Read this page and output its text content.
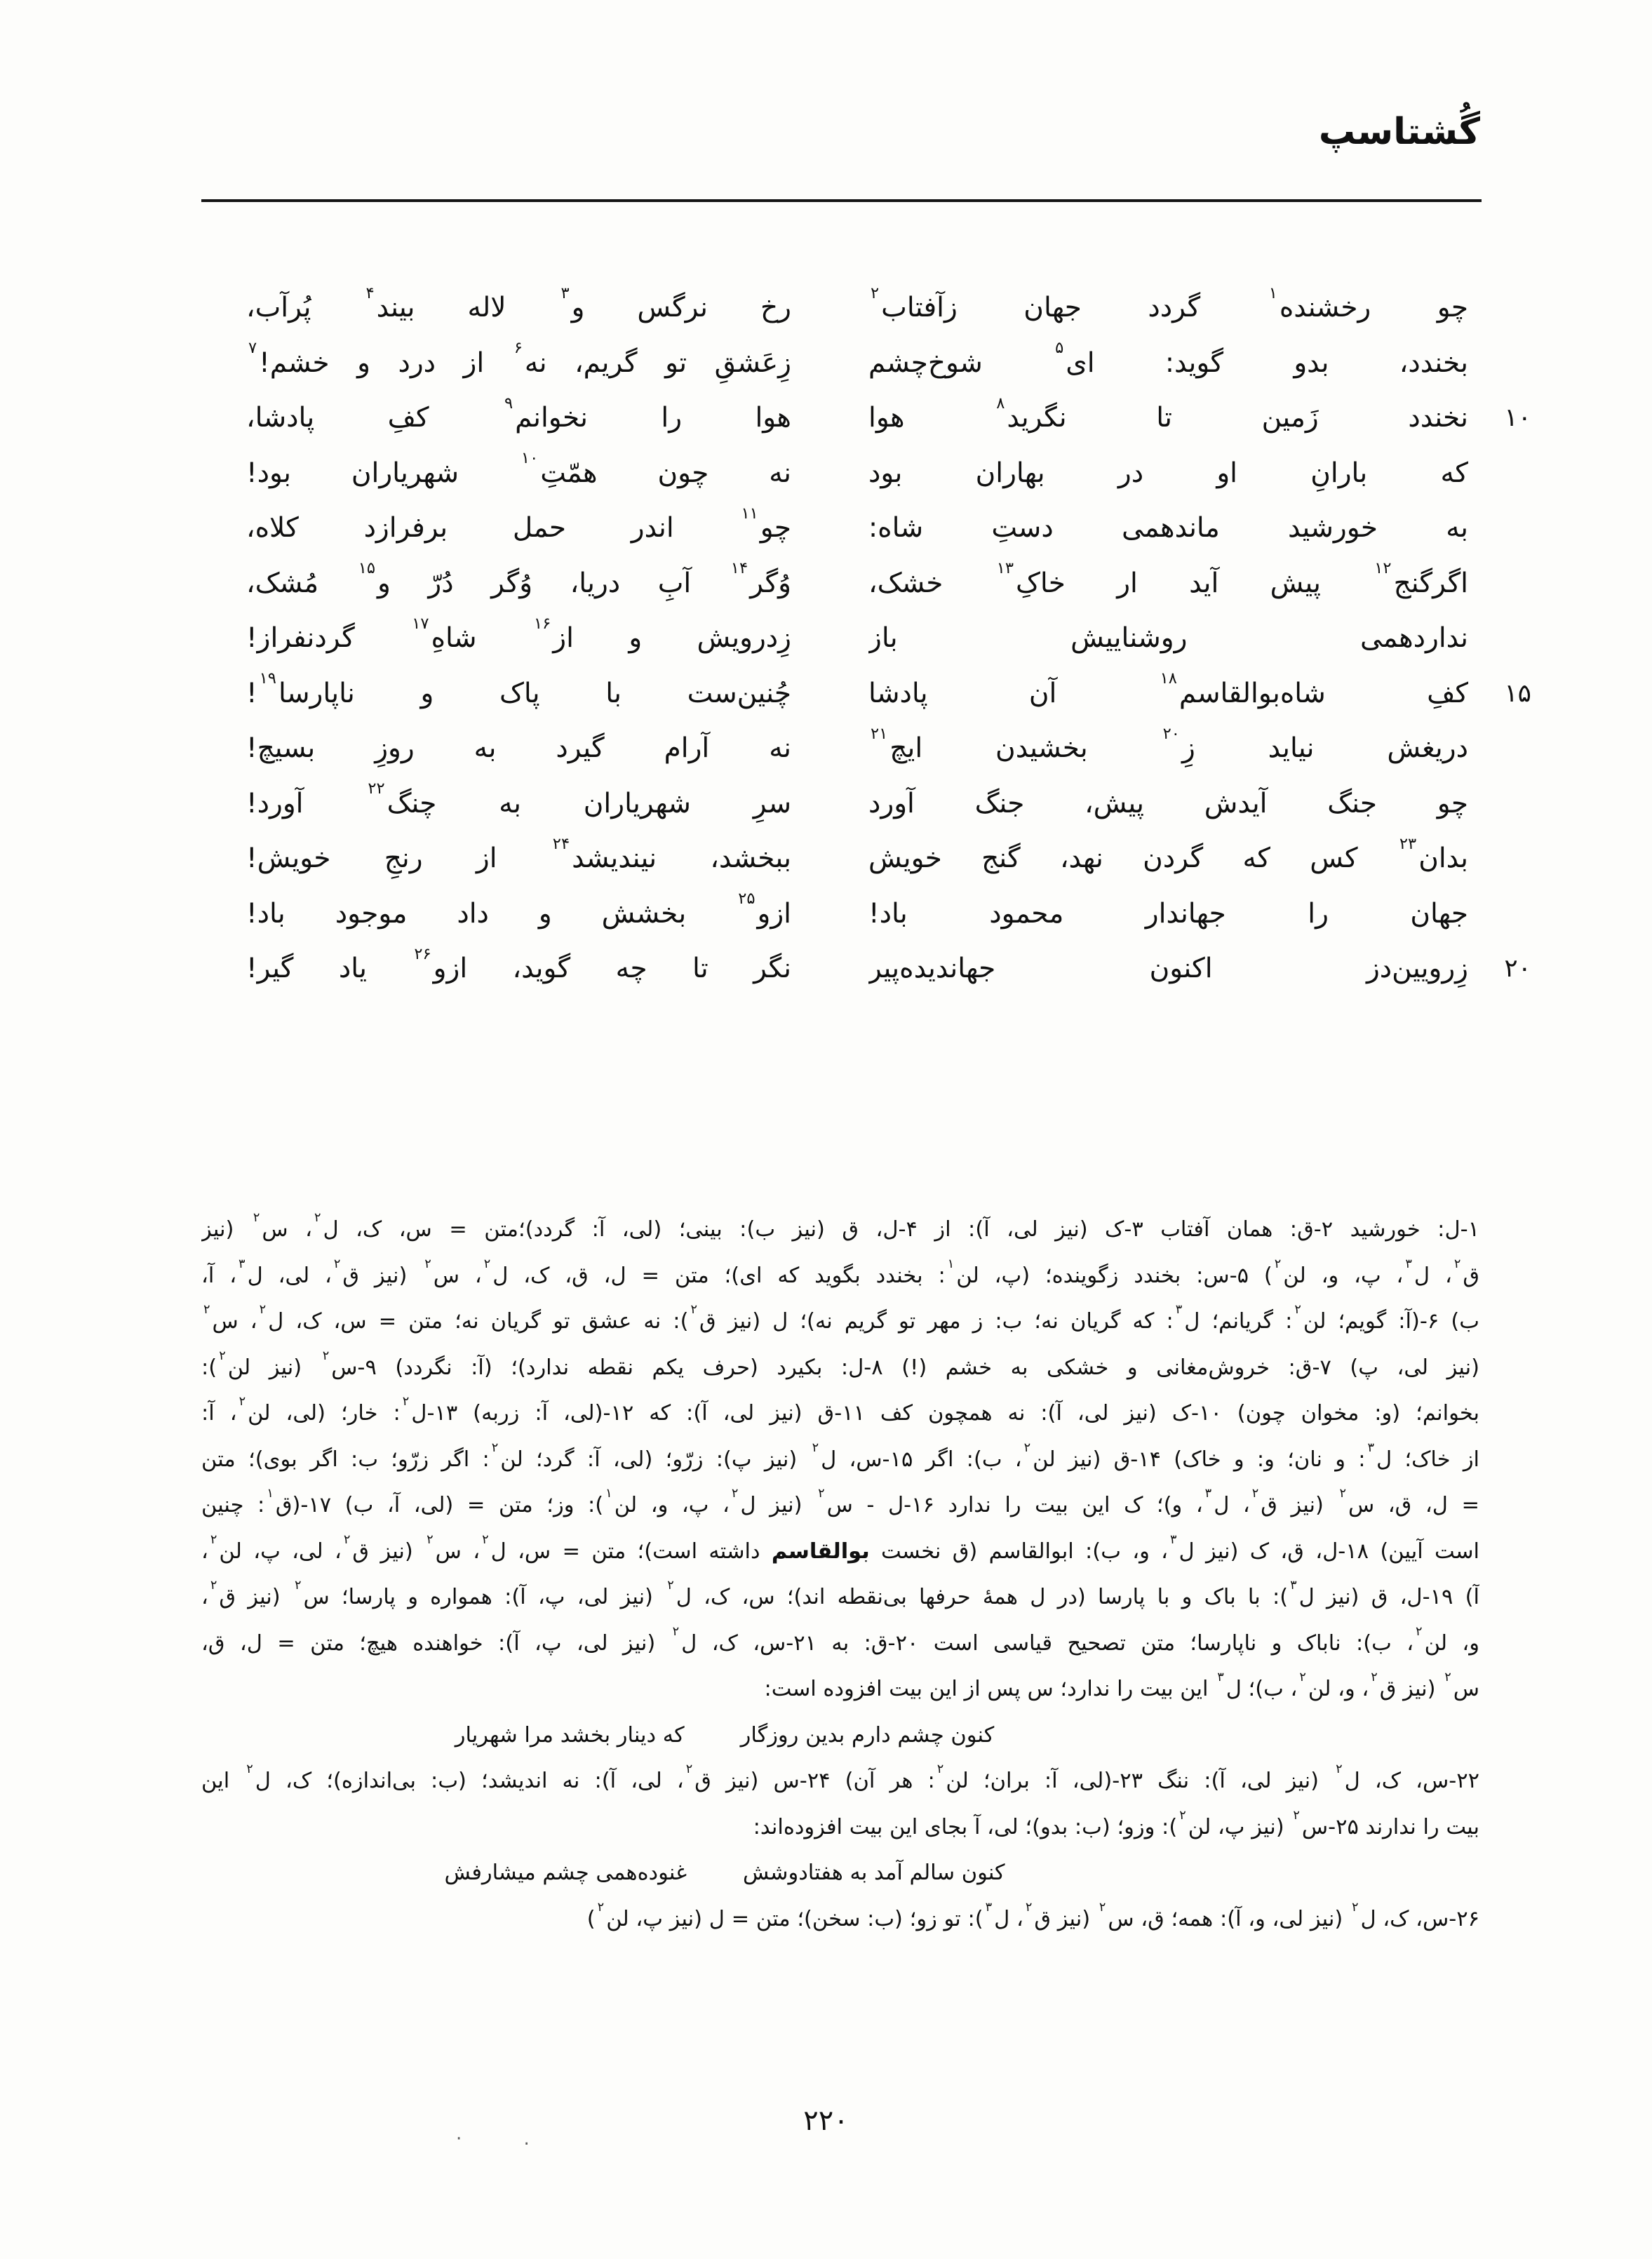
گُشتاسپ
چو رخشنده$^۱$ گردد جهان زآفتاب$^۲$
رخ نرگس و$^۳$ لاله بیند$^۴$ پُرآب،
بخندد، بدو گوید: ای$^۵$ شوخ‌چشم
زِعَشقِ تو گریم، نه$^۶$ از درد و خشم!$^۷$
۱۰
نخندد زَمین تا نگرید$^۸$ هوا
هوا را نخوانم$^۹$ کفِ پادشا،
که بارانِ او در بهاران بود
نه چون همّتِ$^{۱۰}$ شهریاران بود!
به خورشید ماندهمی دستِ شاه:
چو$^{۱۱}$ اندر حمل برفرازد کلاه،
اگرگنج$^{۱۲}$ پیش آید ار خاکِ$^{۱۳}$ خشک،
وُگر$^{۱۴}$ آبِ دریا، وُگر دُرّ و$^{۱۵}$ مُشک،
نداردهمی روشناییش باز
زِدرویش و از$^{۱۶}$ شاهِ$^{۱۷}$ گردنفراز!
۱۵
کفِ شاه‌بوالقاسم$^{۱۸}$ آن پادشا
چُنین‌ست با پاک و ناپارسا$^{۱۹}$!
دریغش نیاید زِ$^{۲۰}$ بخشیدن ایچ$^{۲۱}$
نه آرام گیرد به روزِ بسیچ!
چو جنگ آیدش پیش، جنگ آورد
سرِ شهریاران به چنگ$^{۲۲}$ آورد!
بدان$^{۲۳}$ کس که گردن نهد، گنج خویش
ببخشد، نیندیشد$^{۲۴}$ از رنجِ خویش!
جهان را جهاندار محمود باد!
ازو$^{۲۵}$ بخشش و داد موجود باد!
۲۰
زِرویین‌دز اکنون جهاندیده‌پیر
نگر تا چه گوید، ازو$^{۲۶}$ یاد گیر!
۱-ل: خورشید ۲-ق: همان آفتاب ۳-ک (نیز لی، آ): از ۴-ل، ق (نیز ب): بینی؛ (لی، آ: گردد)؛متن = س، ک، ل$^۲$، س$^۲$ (نیز
ق$^۲$، ل$^۳$، پ، و، لن$^۲$) ۵-س: بخندد زگوینده؛ (پ، لن$^۱$: بخندد بگوید که ای)؛ متن = ل، ق، ک، ل$^۲$، س$^۲$ (نیز ق$^۲$، لی، ل$^۳$، آ،
ب) ۶-(آ: گویم؛ لن$^۲$: گریانم؛ ل$^۳$: که گریان نه؛ ب: ز مهر تو گریم نه)؛ ل (نیز ق$^۲$): نه عشق تو گریان نه؛ متن = س، ک، ل$^۲$، س$^۲$
(نیز لی، پ) ۷-ق: خروش‌مغانی و خشکی به خشم (!) ۸-ل: بکیرد (حرف یکم نقطه ندارد)؛ (آ: نگردد) ۹-س$^۲$ (نیز لن$^۲$):
بخوانم؛ (و: مخوان چون) ۱۰-ک (نیز لی، آ): نه همچون کف ۱۱-ق (نیز لی، آ): که ۱۲-(لی، آ: زربه) ۱۳-ل$^۲$: خار؛ (لی، لن$^۲$، آ:
از خاک؛ ل$^۳$: و نان؛ و: و خاک) ۱۴-ق (نیز لن$^۲$، ب): اگر ۱۵-س، ل$^۲$ (نیز پ): زرّو؛ (لی، آ: گرد؛ لن$^۲$: اگر زرّو؛ ب: اگر بوی)؛ متن
= ل، ق، س$^۲$ (نیز ق$^۲$، ل$^۳$، و)؛ ک این بیت را ندارد ۱۶-ل - س$^۲$ (نیز ل$^۲$، پ، و، لن$^۱$): وز؛ متن = (لی، آ، ب) ۱۷-(ق$^۱$: چنین
است آیین) ۱۸-ل، ق، ک (نیز ل$^۳$، و، ب): ابوالقاسم (ق نخست بوالقاسم داشته است)؛ متن = س، ل$^۲$، س$^۲$ (نیز ق$^۲$، لی، پ، لن$^۲$،
آ) ۱۹-ل، ق (نیز ل$^۳$): با باک و با پارسا (در ل همهٔ حرفها بی‌نقطه اند)؛ س، ک، ل$^۲$ (نیز لی، پ، آ): همواره و پارسا؛ س$^۲$ (نیز ق$^۲$،
و، لن$^۲$، ب): ناباک و ناپارسا؛ متن تصحیح قیاسی است ۲۰-ق: به ۲۱-س، ک، ل$^۲$ (نیز لی، پ، آ): خواهنده هیچ؛ متن = ل، ق،
س$^۲$ (نیز ق$^۲$، و، لن$^۲$، ب)؛ ل$^۳$ این بیت را ندارد؛ س پس از این بیت افزوده است:
کنون چشم دارم بدین روزگار
که دینار بخشد مرا شهریار
۲۲-س، ک، ل$^۲$ (نیز لی، آ): ننگ ۲۳-(لی، آ: بران؛ لن$^۲$: هر آن) ۲۴-س (نیز ق$^۲$، لی، آ): نه اندیشد؛ (ب: بی‌اندازه)؛ ک، ل$^۲$ این
بیت را ندارند ۲۵-س$^۲$ (نیز پ، لن$^۲$): وزو؛ (ب: بدو)؛ لی، آ بجای این بیت افزوده‌اند:
کنون سالم آمد به هفتادوشش
غنوده‌همی چشم میشارفش
۲۶-س، ک، ل$^۲$ (نیز لی، و، آ): همه؛ ق، س$^۲$ (نیز ق$^۲$، ل$^۳$): تو زو؛ (ب: سخن)؛ متن = ل (نیز پ، لن$^۲$)
. ·
۲۲۰
